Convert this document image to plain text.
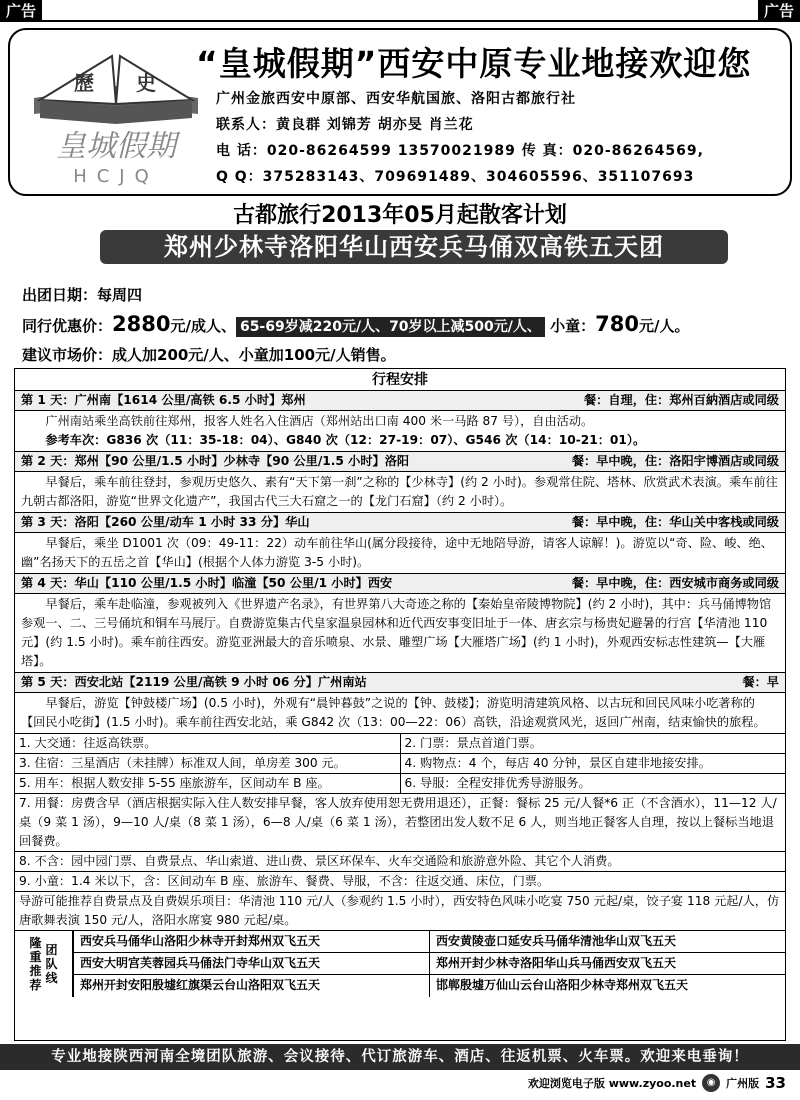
广告	广告
歷 史
皇城假期
HCJQ
“皇城假期”西安中原专业地接欢迎您
广州金旅西安中原部、西安华航国旅、洛阳古都旅行社
联系人：黄良群 刘锦芳 胡亦旻 肖兰花
电 话：020-86264599 13570021989 传 真：020-86264569,
Q Q：375283143、709691489、304605596、351107693
古都旅行2013年05月起散客计划
郑州少林寺洛阳华山西安兵马俑双高铁五天团
出团日期：每周四
同行优惠价：2880元/成人、 65-69岁减220元/人、70岁以上减500元/人、 小童：780元/人。
建议市场价：成人加200元/人、小童加100元/人销售。
行程安排
第 1 天：广州南【1614 公里/高铁 6.5 小时】郑州	餐：自理，住：郑州百納酒店或同级

广州南站乘坐高铁前往郑州，报客人姓名入住酒店（郑州站出口南 400 米一马路 87 号），自由活动。

参考车次：G836 次（11：35-18：04）、G840 次（12：27-19：07）、G546 次（14：10-21：01）。

第 2 天：郑州【90 公里/1.5 小时】少林寺【90 公里/1.5 小时】洛阳	餐：早中晚，住：洛阳宇博酒店或同级

早餐后，乘车前往登封，参观历史悠久、素有“天下第一刹”之称的【少林寺】(约 2 小时)。参观常住院、塔林、欣赏武术表演。乘车前往九朝古都洛阳，游览“世界文化遗产”，我国古代三大石窟之一的【龙门石窟】（约 2 小时）。

第 3 天：洛阳【260 公里/动车 1 小时 33 分】华山	餐：早中晚，住：华山关中客栈或同级

早餐后，乘坐 D1001 次（09：49-11：22）动车前往华山(属分段接待，途中无地陪导游，请客人谅解！)。游览以“奇、险、峻、绝、幽”名扬天下的五岳之首【华山】(根据个人体力游览 3-5 小时)。

第 4 天：华山【110 公里/1.5 小时】临潼【50 公里/1 小时】西安	餐：早中晚，住：西安城市商务或同级

早餐后，乘车赴临潼，参观被列入《世界遗产名录》，有世界第八大奇迹之称的【秦始皇帝陵博物院】(约 2 小时)，其中：兵马俑博物馆参观一、二、三号俑坑和铜车马展厅。自费游览集古代皇家温泉园林和近代西安事变旧址于一体、唐玄宗与杨贵妃避暑的行宫【华清池 110 元】(约 1.5 小时)。乘车前往西安。游览亚洲最大的音乐喷泉、水景、雕塑广场【大雁塔广场】(约 1 小时)，外观西安标志性建筑—【大雁塔】。

第 5 天：西安北站【2119 公里/高铁 9 小时 06 分】广州南站	餐：早

早餐后，游览【钟鼓楼广场】(0.5 小时)，外观有“晨钟暮鼓”之说的【钟、鼓楼】；游览明清建筑风格、以古玩和回民风味小吃著称的【回民小吃街】(1.5 小时)。乘车前往西安北站，乘 G842 次（13：00—22：06）高铁，沿途观赏风光，返回广州南，结束愉快的旅程。

1. 大交通：往返高铁票。	2. 门票：景点首道门票。
3. 住宿：三星酒店（未挂牌）标准双人间，单房差 300 元。	4. 购物点：4 个，每店 40 分钟，景区自建非地接安排。
5. 用车：根据人数安排 5-55 座旅游车，区间动车 B 座。	6. 导服：全程安排优秀导游服务。
7. 用餐：房费含早（酒店根据实际入住人数安排早餐，客人放弃使用恕无费用退还），正餐：餐标 25 元/人餐*6 正（不含酒水），11—12 人/桌（9 菜 1 汤），9—10 人/桌（8 菜 1 汤），6—8 人/桌（6 菜 1 汤），若整团出发人数不足 6 人，则当地正餐客人自理，按以上餐标当地退回餐费。
8. 不含：园中园门票、自费景点、华山索道、进山费、景区环保车、火车交通险和旅游意外险、其它个人消费。
9. 小童：1.4 米以下，含：区间动车 B 座、旅游车、餐费、导服，不含：往返交通、床位，门票。
导游可能推荐自费景点及自费娱乐项目：华清池 110 元/人（参观约 1.5 小时），西安特色风味小吃宴 750 元起/桌，饺子宴 118 元起/人，仿唐歌舞表演 150 元/人，洛阳水席宴 980 元起/桌。
隆重推荐
团队线
西安兵马俑华山洛阳少林寺开封郑州双飞五天	西安黄陵壶口延安兵马俑华清池华山双飞五天
西安大明宫芙蓉园兵马俑法门寺华山双飞五天	郑州开封少林寺洛阳华山兵马俑西安双飞五天
郑州开封安阳殷墟红旗渠云台山洛阳双飞五天	邯郸殷墟万仙山云台山洛阳少林寺郑州双飞五天
专业地接陕西河南全境团队旅游、会议接待、代订旅游车、酒店、往返机票、火车票。欢迎来电垂询！
欢迎浏览电子版 www.zyoo.net	◉ 广州版 33
